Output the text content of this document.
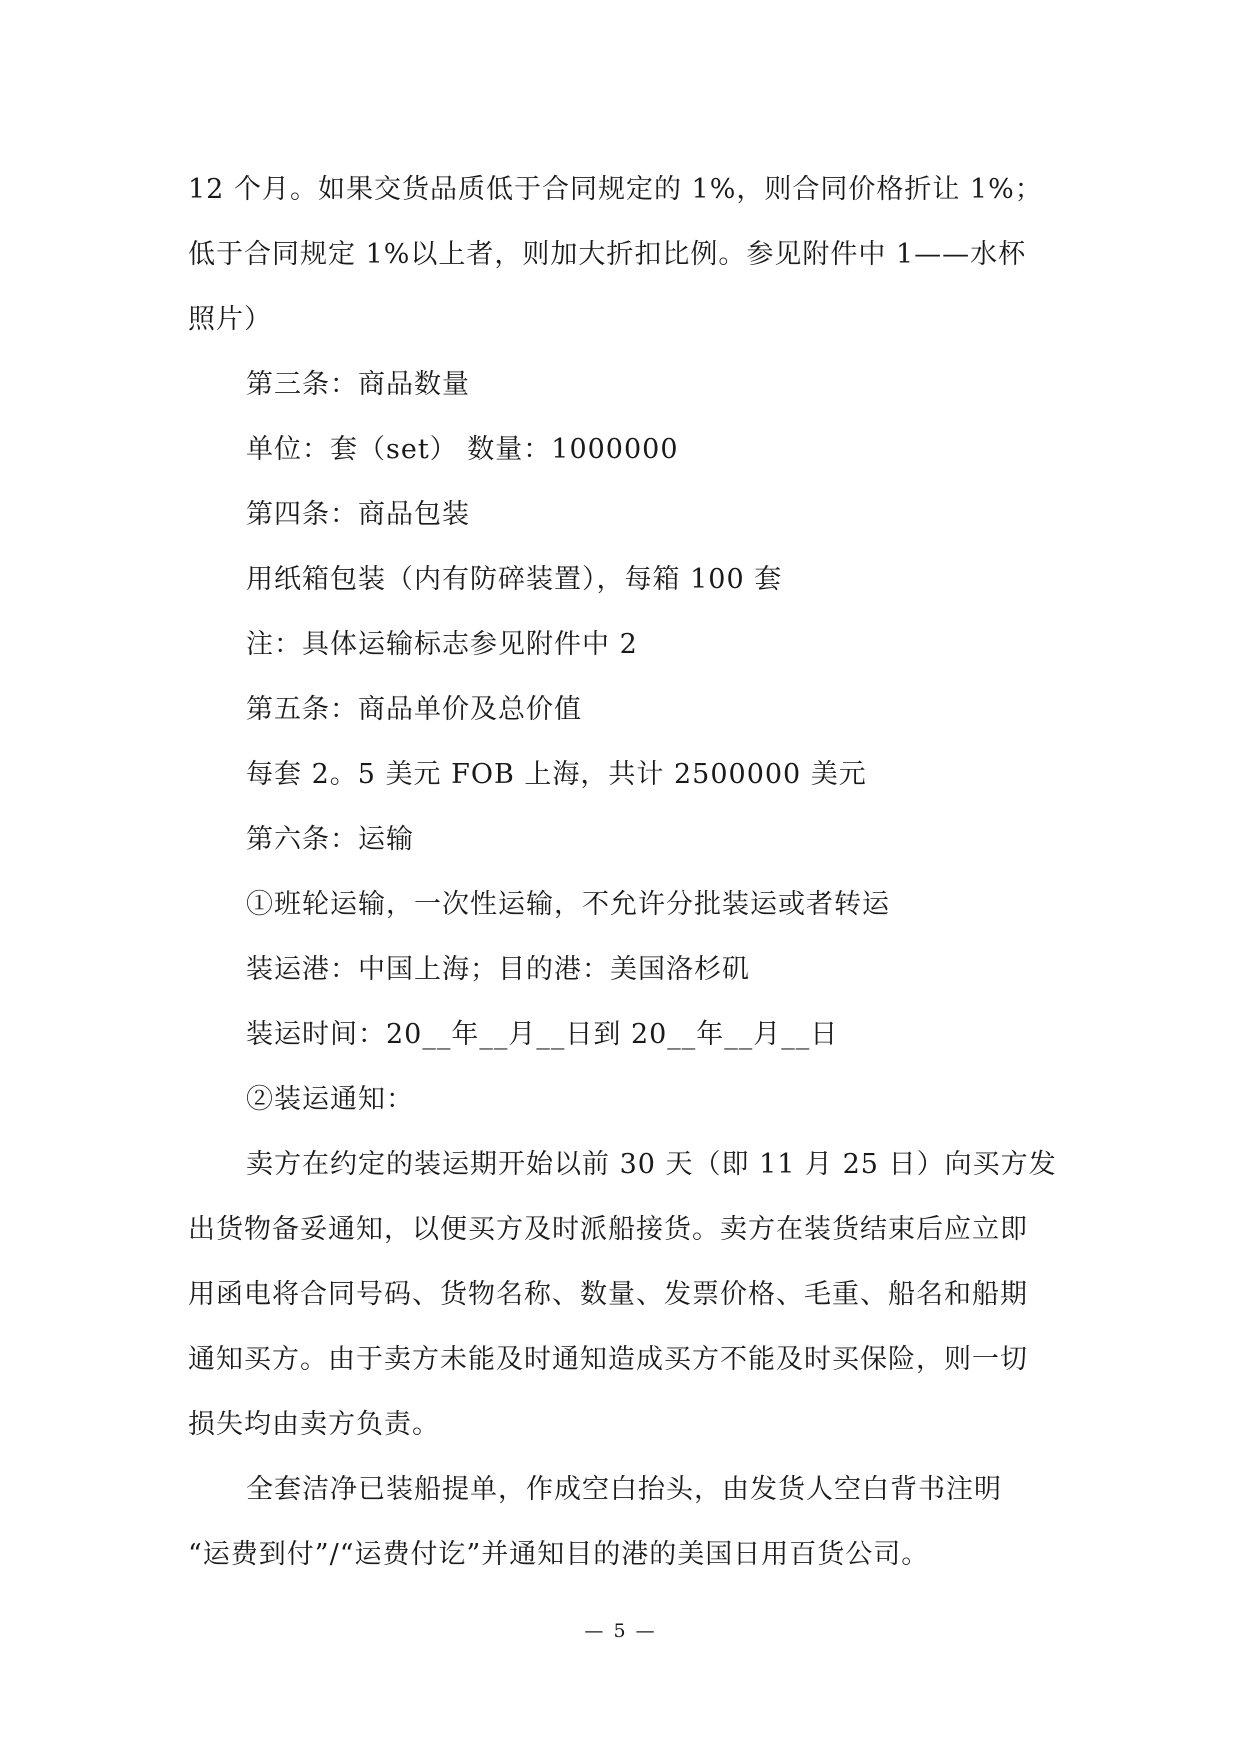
12 个月。如果交货品质低于合同规定的 1%，则合同价格折让 1%；
低于合同规定 1%以上者，则加大折扣比例。参见附件中 1——水杯
照片）
第三条：商品数量
单位：套（set） 数量：1000000
第四条：商品包装
用纸箱包装（内有防碎装置），每箱 100 套
注：具体运输标志参见附件中 2
第五条：商品单价及总价值
每套 2。5 美元 FOB 上海，共计 2500000 美元
第六条：运输
①班轮运输，一次性运输，不允许分批装运或者转运
装运港：中国上海；目的港：美国洛杉矶
装运时间：20__年__月__日到 20__年__月__日
②装运通知：
卖方在约定的装运期开始以前 30 天（即 11 月 25 日）向买方发
出货物备妥通知，以便买方及时派船接货。卖方在装货结束后应立即
用函电将合同号码、货物名称、数量、发票价格、毛重、船名和船期
通知买方。由于卖方未能及时通知造成买方不能及时买保险，则一切
损失均由卖方负责。
全套洁净已装船提单，作成空白抬头，由发货人空白背书注明
“运费到付”/“运费付讫”并通知目的港的美国日用百货公司。
— 5 —
